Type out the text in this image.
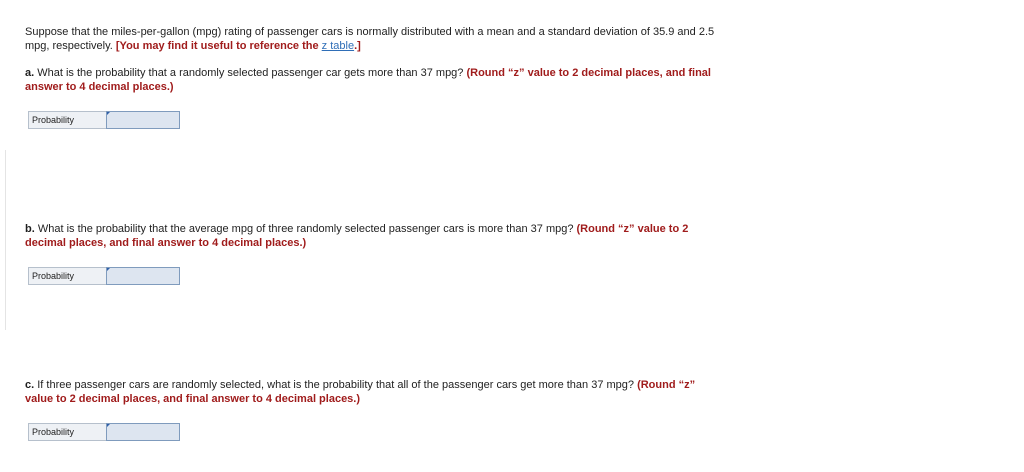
Suppose that the miles-per-gallon (mpg) rating of passenger cars is normally distributed with a mean and a standard deviation of 35.9 and 2.5 mpg, respectively. [You may find it useful to reference the z table.]

a. What is the probability that a randomly selected passenger car gets more than 37 mpg? (Round “z” value to 2 decimal places, and final answer to 4 decimal places.)

Probability

b. What is the probability that the average mpg of three randomly selected passenger cars is more than 37 mpg? (Round “z” value to 2 decimal places, and final answer to 4 decimal places.)

Probability

c. If three passenger cars are randomly selected, what is the probability that all of the passenger cars get more than 37 mpg? (Round “z” value to 2 decimal places, and final answer to 4 decimal places.)

Probability
